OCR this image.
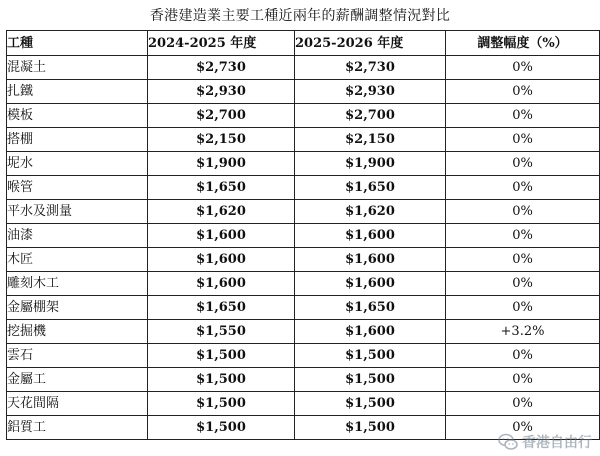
香港建造業主要工種近兩年的薪酬調整情況對比
工種	2024-2025 年度	2025-2026 年度	調整幅度（%）
混凝土	$2,730	$2,730	0%
扎鐵	$2,930	$2,930	0%
模板	$2,700	$2,700	0%
搭棚	$2,150	$2,150	0%
坭水	$1,900	$1,900	0%
喉管	$1,650	$1,650	0%
平水及測量	$1,620	$1,620	0%
油漆	$1,600	$1,600	0%
木匠	$1,600	$1,600	0%
雕刻木工	$1,600	$1,600	0%
金屬棚架	$1,650	$1,650	0%
挖掘機	$1,550	$1,600	+3.2%
雲石	$1,500	$1,500	0%
金屬工	$1,500	$1,500	0%
天花間隔	$1,500	$1,500	0%
鋁質工	$1,500	$1,500	0%
香港自由行
